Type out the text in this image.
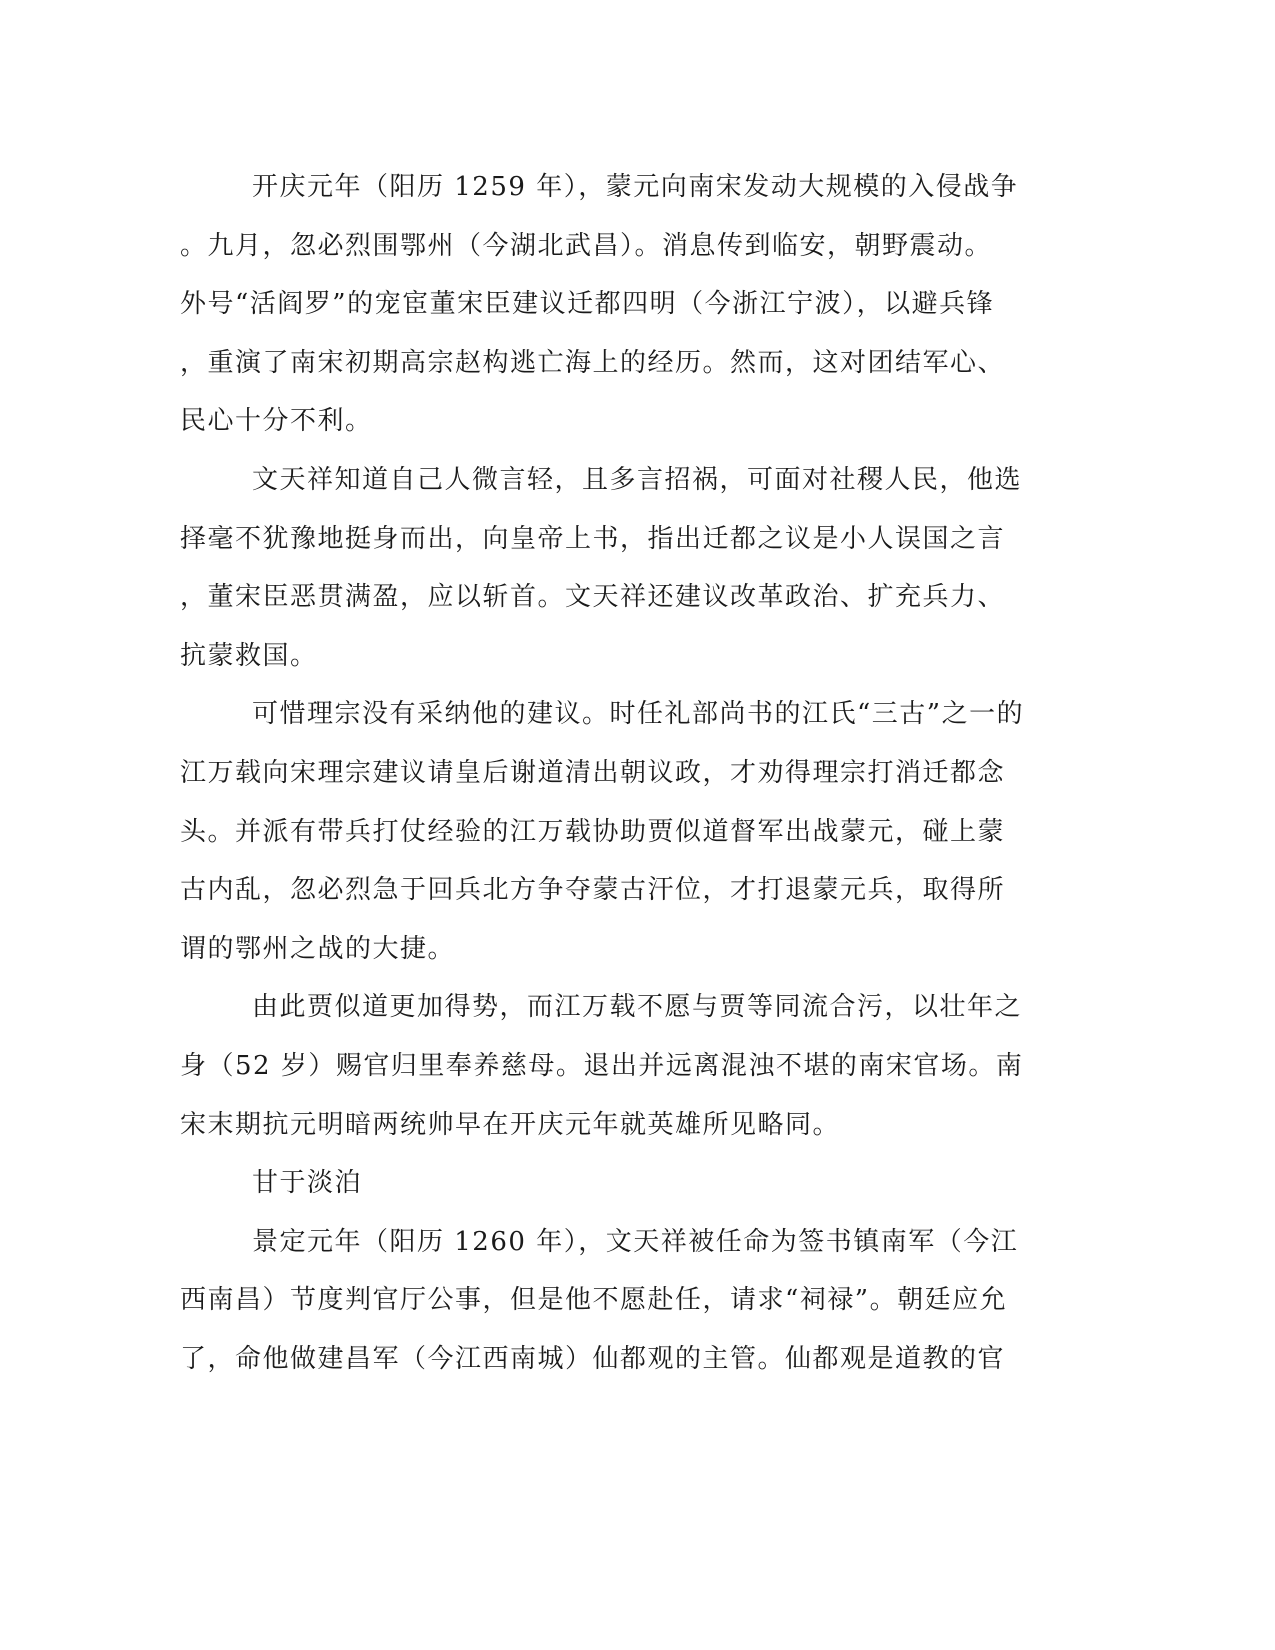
开庆元年（阳历 1259 年），蒙元向南宋发动大规模的入侵战争
。九月，忽必烈围鄂州（今湖北武昌）。消息传到临安，朝野震动。
外号“活阎罗”的宠宦董宋臣建议迁都四明（今浙江宁波），以避兵锋
，重演了南宋初期高宗赵构逃亡海上的经历。然而，这对团结军心、
民心十分不利。
文天祥知道自己人微言轻，且多言招祸，可面对社稷人民，他选
择毫不犹豫地挺身而出，向皇帝上书，指出迁都之议是小人误国之言
，董宋臣恶贯满盈，应以斩首。文天祥还建议改革政治、扩充兵力、
抗蒙救国。
可惜理宗没有采纳他的建议。时任礼部尚书的江氏“三古”之一的
江万载向宋理宗建议请皇后谢道清出朝议政，才劝得理宗打消迁都念
头。并派有带兵打仗经验的江万载协助贾似道督军出战蒙元，碰上蒙
古内乱，忽必烈急于回兵北方争夺蒙古汗位，才打退蒙元兵，取得所
谓的鄂州之战的大捷。
由此贾似道更加得势，而江万载不愿与贾等同流合污，以壮年之
身（52 岁）赐官归里奉养慈母。退出并远离混浊不堪的南宋官场。南
宋末期抗元明暗两统帅早在开庆元年就英雄所见略同。
甘于淡泊
景定元年（阳历 1260 年），文天祥被任命为签书镇南军（今江
西南昌）节度判官厅公事，但是他不愿赴任，请求“祠禄”。朝廷应允
了，命他做建昌军（今江西南城）仙都观的主管。仙都观是道教的官
